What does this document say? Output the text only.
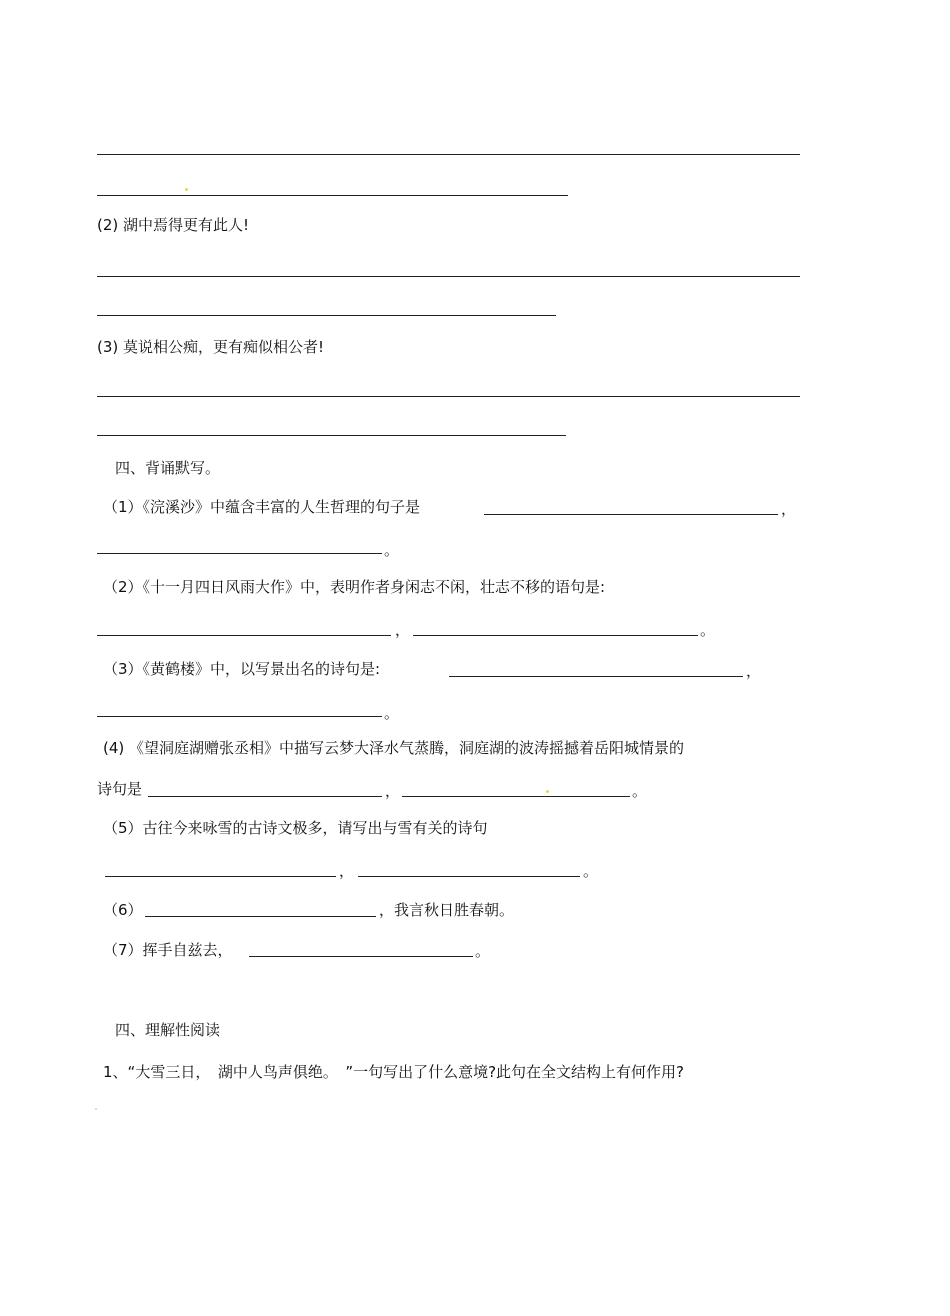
(2) 湖中焉得更有此人!
(3) 莫说相公痴，更有痴似相公者!
四、背诵默写。
（1）《浣溪沙》中蕴含丰富的人生哲理的句子是	，
。
（2）《十一月四日风雨大作》中，表明作者身闲志不闲，壮志不移的语句是:
，	。
（3）《黄鹤楼》中，以写景出名的诗句是:	，
。
(4) 《望洞庭湖赠张丞相》中描写云梦大泽水气蒸腾，洞庭湖的波涛摇撼着岳阳城情景的
诗句是	，	。
（5）古往今来咏雪的古诗文极多，请写出与雪有关的诗句
，	。
（6）	，我言秋日胜春朝。
（7）挥手自兹去，	。
四、理解性阅读
1、“大雪三日，　湖中人鸟声俱绝。　”一句写出了什么意境?此句在全文结构上有何作用?
